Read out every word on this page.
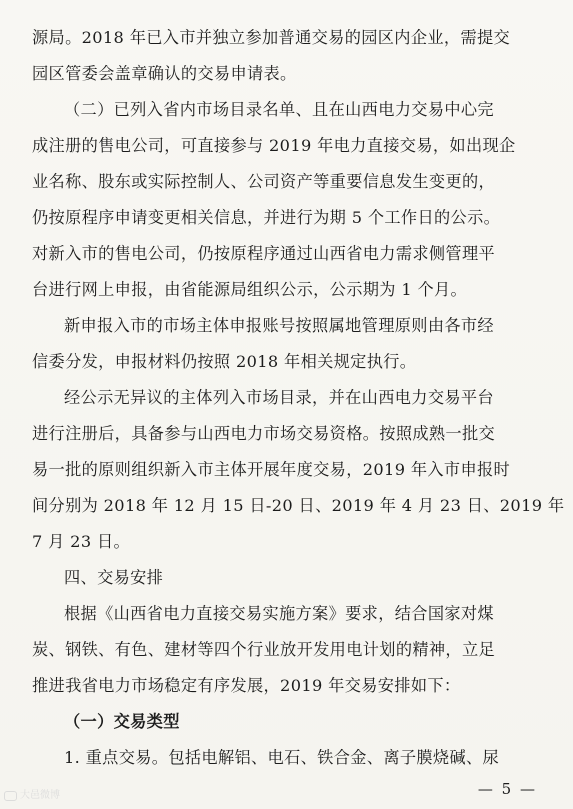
源局。2018 年已入市并独立参加普通交易的园区内企业，需提交
园区管委会盖章确认的交易申请表。
（二）已列入省内市场目录名单、且在山西电力交易中心完
成注册的售电公司，可直接参与 2019 年电力直接交易，如出现企
业名称、股东或实际控制人、公司资产等重要信息发生变更的，
仍按原程序申请变更相关信息，并进行为期 5 个工作日的公示。
对新入市的售电公司，仍按原程序通过山西省电力需求侧管理平
台进行网上申报，由省能源局组织公示，公示期为 1 个月。
新申报入市的市场主体申报账号按照属地管理原则由各市经
信委分发，申报材料仍按照 2018 年相关规定执行。
经公示无异议的主体列入市场目录，并在山西电力交易平台
进行注册后，具备参与山西电力市场交易资格。按照成熟一批交
易一批的原则组织新入市主体开展年度交易，2019 年入市申报时
间分别为 2018 年 12 月 15 日-20 日、2019 年 4 月 23 日、2019 年
7 月 23 日。
四、交易安排
根据《山西省电力直接交易实施方案》要求，结合国家对煤
炭、钢铁、有色、建材等四个行业放开发用电计划的精神，立足
推进我省电力市场稳定有序发展，2019 年交易安排如下：
（一）交易类型
1. 重点交易。包括电解铝、电石、铁合金、离子膜烧碱、尿
— 5 —
大邑微博
